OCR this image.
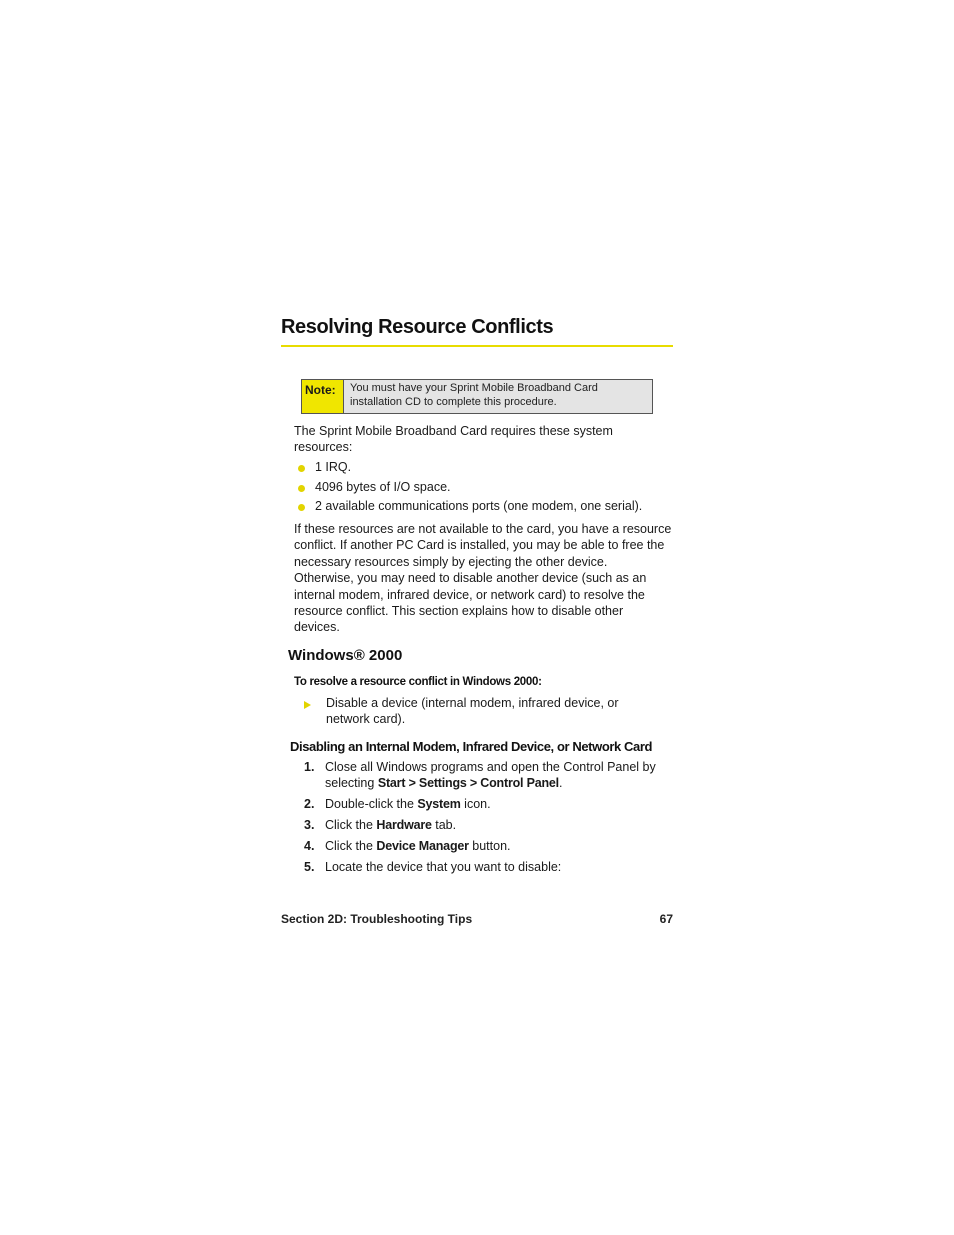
Resolving Resource Conflicts
Note:	You must have your Sprint Mobile Broadband Card
installation CD to complete this procedure.
The Sprint Mobile Broadband Card requires these system
resources:
1 IRQ.
4096 bytes of I/O space.
2 available communications ports (one modem, one serial).
If these resources are not available to the card, you have a resource
conflict. If another PC Card is installed, you may be able to free the
necessary resources simply by ejecting the other device.
Otherwise, you may need to disable another device (such as an
internal modem, infrared device, or network card) to resolve the
resource conflict. This section explains how to disable other
devices.
Windows® 2000
To resolve a resource conflict in Windows 2000:
Disable a device (internal modem, infrared device, or
network card).
Disabling an Internal Modem, Infrared Device, or Network Card
1. Close all Windows programs and open the Control Panel by
selecting Start > Settings > Control Panel.
2. Double-click the System icon.
3. Click the Hardware tab.
4. Click the Device Manager button.
5. Locate the device that you want to disable:
Section 2D: Troubleshooting Tips	67
